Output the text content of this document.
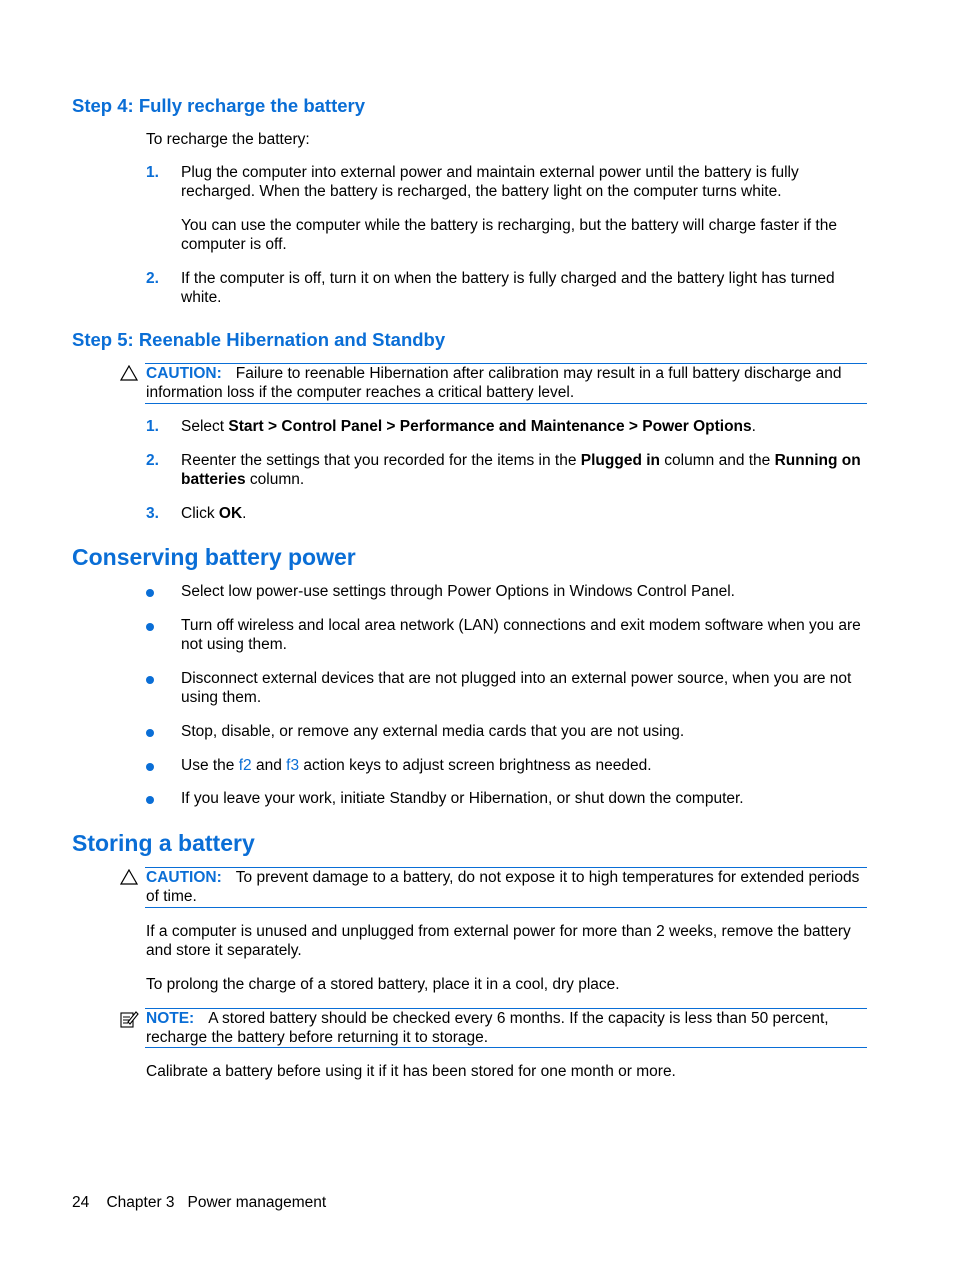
Step 4: Fully recharge the battery
To recharge the battery:
1.	Plug the computer into external power and maintain external power until the battery is fully recharged. When the battery is recharged, the battery light on the computer turns white.
You can use the computer while the battery is recharging, but the battery will charge faster if the computer is off.
2.	If the computer is off, turn it on when the battery is fully charged and the battery light has turned white.
Step 5: Reenable Hibernation and Standby
CAUTION: Failure to reenable Hibernation after calibration may result in a full battery discharge and information loss if the computer reaches a critical battery level.
1.	Select Start > Control Panel > Performance and Maintenance > Power Options.
2.	Reenter the settings that you recorded for the items in the Plugged in column and the Running on batteries column.
3.	Click OK.
Conserving battery power
Select low power-use settings through Power Options in Windows Control Panel.
Turn off wireless and local area network (LAN) connections and exit modem software when you are not using them.
Disconnect external devices that are not plugged into an external power source, when you are not using them.
Stop, disable, or remove any external media cards that you are not using.
Use the f2 and f3 action keys to adjust screen brightness as needed.
If you leave your work, initiate Standby or Hibernation, or shut down the computer.
Storing a battery
CAUTION: To prevent damage to a battery, do not expose it to high temperatures for extended periods of time.
If a computer is unused and unplugged from external power for more than 2 weeks, remove the battery and store it separately.
To prolong the charge of a stored battery, place it in a cool, dry place.
NOTE: A stored battery should be checked every 6 months. If the capacity is less than 50 percent, recharge the battery before returning it to storage.
Calibrate a battery before using it if it has been stored for one month or more.
24 Chapter 3 Power management
